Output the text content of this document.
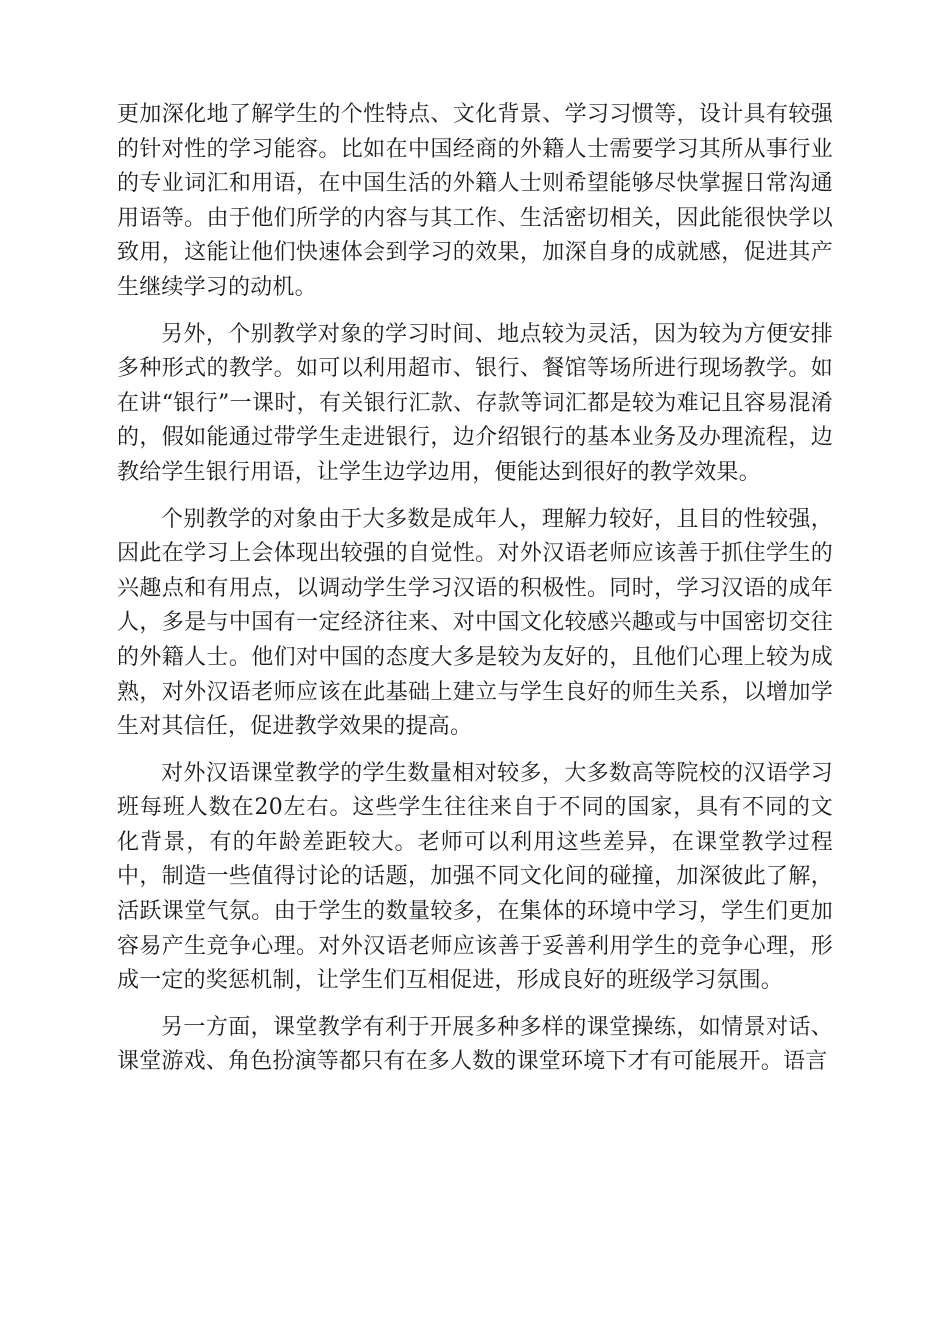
更加深化地了解学生的个性特点、文化背景、学习习惯等，设计具有较强的针对性的学习能容。比如在中国经商的外籍人士需要学习其所从事行业的专业词汇和用语，在中国生活的外籍人士则希望能够尽快掌握日常沟通用语等。由于他们所学的内容与其工作、生活密切相关，因此能很快学以致用，这能让他们快速体会到学习的效果，加深自身的成就感，促进其产生继续学习的动机。

另外，个别教学对象的学习时间、地点较为灵活，因为较为方便安排多种形式的教学。如可以利用超市、银行、餐馆等场所进行现场教学。如在讲“银行”一课时，有关银行汇款、存款等词汇都是较为难记且容易混淆的，假如能通过带学生走进银行，边介绍银行的基本业务及办理流程，边教给学生银行用语，让学生边学边用，便能达到很好的教学效果。

个别教学的对象由于大多数是成年人，理解力较好，且目的性较强，因此在学习上会体现出较强的自觉性。对外汉语老师应该善于抓住学生的兴趣点和有用点，以调动学生学习汉语的积极性。同时，学习汉语的成年人，多是与中国有一定经济往来、对中国文化较感兴趣或与中国密切交往的外籍人士。他们对中国的态度大多是较为友好的，且他们心理上较为成熟，对外汉语老师应该在此基础上建立与学生良好的师生关系，以增加学生对其信任，促进教学效果的提高。

对外汉语课堂教学的学生数量相对较多，大多数高等院校的汉语学习班每班人数在20左右。这些学生往往来自于不同的国家，具有不同的文化背景，有的年龄差距较大。老师可以利用这些差异，在课堂教学过程中，制造一些值得讨论的话题，加强不同文化间的碰撞，加深彼此了解，活跃课堂气氛。由于学生的数量较多，在集体的环境中学习，学生们更加容易产生竞争心理。对外汉语老师应该善于妥善利用学生的竞争心理，形成一定的奖惩机制，让学生们互相促进，形成良好的班级学习氛围。

另一方面，课堂教学有利于开展多种多样的课堂操练，如情景对话、课堂游戏、角色扮演等都只有在多人数的课堂环境下才有可能展开。语言
